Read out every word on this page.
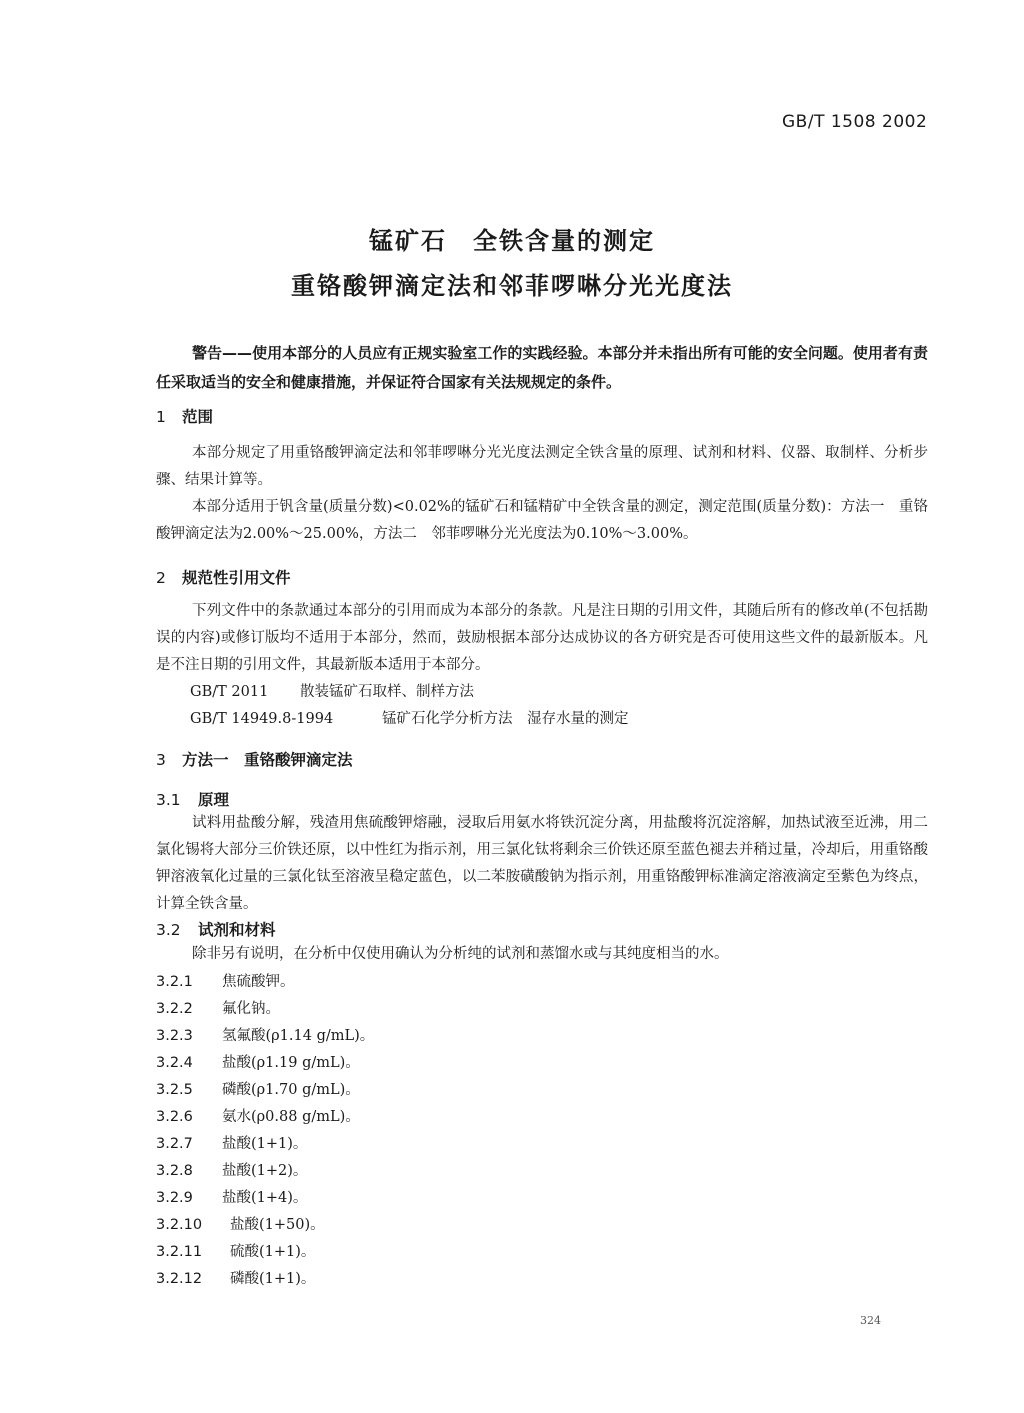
GB/T 1508 2002
锰矿石　全铁含量的测定
重铬酸钾滴定法和邻菲啰啉分光光度法
警告——使用本部分的人员应有正规实验室工作的实践经验。本部分并未指出所有可能的安全问题。使用者有责任采取适当的安全和健康措施，并保证符合国家有关法规规定的条件。
1 范围
本部分规定了用重铬酸钾滴定法和邻菲啰啉分光光度法测定全铁含量的原理、试剂和材料、仪器、取制样、分析步骤、结果计算等。
本部分适用于钒含量(质量分数)<0.02%的锰矿石和锰精矿中全铁含量的测定，测定范围(质量分数)：方法一　重铬酸钾滴定法为2.00%～25.00%，方法二　邻菲啰啉分光光度法为0.10%～3.00%。
2 规范性引用文件
下列文件中的条款通过本部分的引用而成为本部分的条款。凡是注日期的引用文件，其随后所有的修改单(不包括勘误的内容)或修订版均不适用于本部分，然而，鼓励根据本部分达成协议的各方研究是否可使用这些文件的最新版本。凡是不注日期的引用文件，其最新版本适用于本部分。
GB/T 2011 散装锰矿石取样、制样方法
GB/T 14949.8-1994	锰矿石化学分析方法　湿存水量的测定
3 方法一　重铬酸钾滴定法
3.1 原理
试料用盐酸分解，残渣用焦硫酸钾熔融，浸取后用氨水将铁沉淀分离，用盐酸将沉淀溶解，加热试液至近沸，用二氯化锡将大部分三价铁还原，以中性红为指示剂，用三氯化钛将剩余三价铁还原至蓝色褪去并稍过量，冷却后，用重铬酸钾溶液氧化过量的三氯化钛至溶液呈稳定蓝色，以二苯胺磺酸钠为指示剂，用重铬酸钾标准滴定溶液滴定至紫色为终点，计算全铁含量。
3.2 试剂和材料
除非另有说明，在分析中仅使用确认为分析纯的试剂和蒸馏水或与其纯度相当的水。
3.2.1 焦硫酸钾。
3.2.2 氟化钠。
3.2.3 氢氟酸(ρ1.14 g/mL)。
3.2.4 盐酸(ρ1.19 g/mL)。
3.2.5 磷酸(ρ1.70 g/mL)。
3.2.6 氨水(ρ0.88 g/mL)。
3.2.7 盐酸(1+1)。
3.2.8 盐酸(1+2)。
3.2.9 盐酸(1+4)。
3.2.10 盐酸(1+50)。
3.2.11 硫酸(1+1)。
3.2.12 磷酸(1+1)。
324
